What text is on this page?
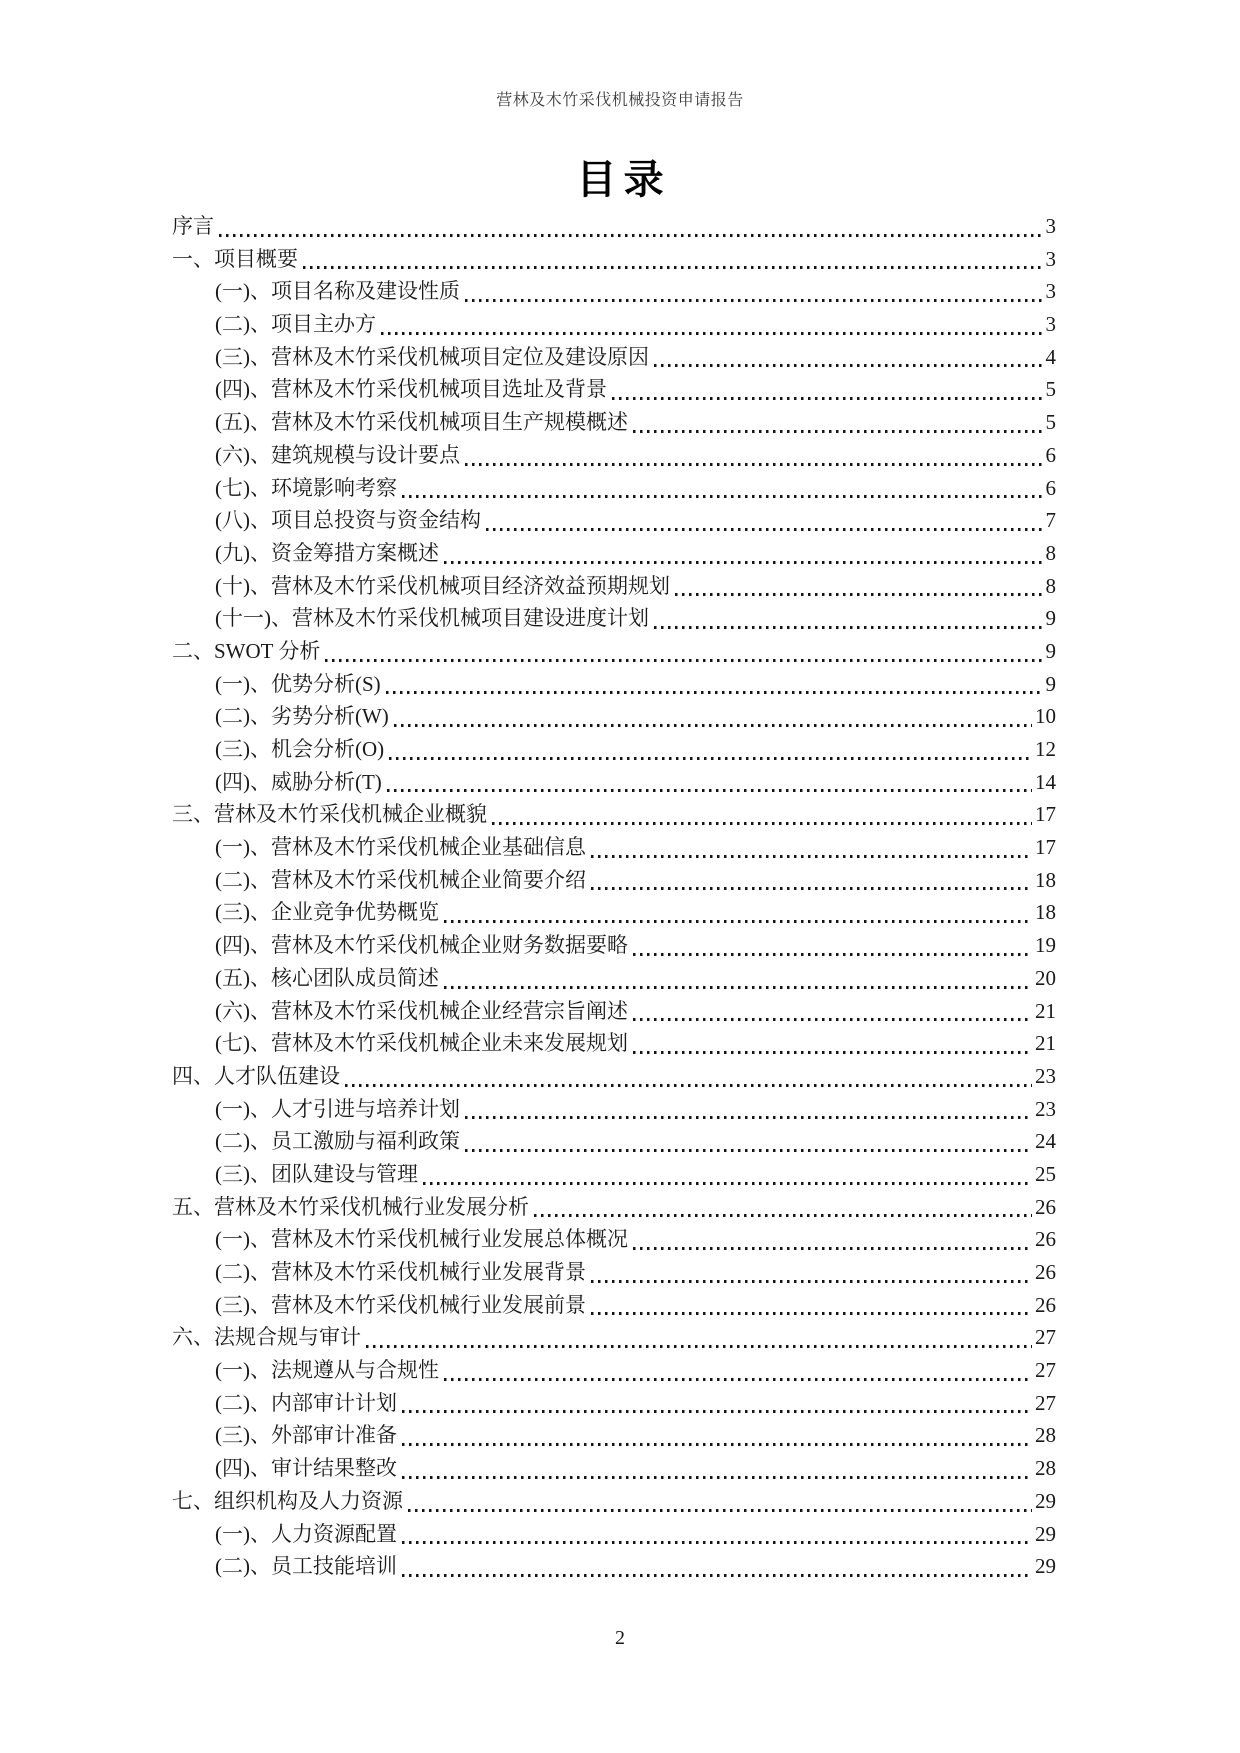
营林及木竹采伐机械投资申请报告
目录
序言	3
一、项目概要	3
(一)、项目名称及建设性质	3
(二)、项目主办方	3
(三)、营林及木竹采伐机械项目定位及建设原因	4
(四)、营林及木竹采伐机械项目选址及背景	5
(五)、营林及木竹采伐机械项目生产规模概述	5
(六)、建筑规模与设计要点	6
(七)、环境影响考察	6
(八)、项目总投资与资金结构	7
(九)、资金筹措方案概述	8
(十)、营林及木竹采伐机械项目经济效益预期规划	8
(十一)、营林及木竹采伐机械项目建设进度计划	9
二、SWOT 分析	9
(一)、优势分析(S)	9
(二)、劣势分析(W)	10
(三)、机会分析(O)	12
(四)、威胁分析(T)	14
三、营林及木竹采伐机械企业概貌	17
(一)、营林及木竹采伐机械企业基础信息	17
(二)、营林及木竹采伐机械企业简要介绍	18
(三)、企业竞争优势概览	18
(四)、营林及木竹采伐机械企业财务数据要略	19
(五)、核心团队成员简述	20
(六)、营林及木竹采伐机械企业经营宗旨阐述	21
(七)、营林及木竹采伐机械企业未来发展规划	21
四、人才队伍建设	23
(一)、人才引进与培养计划	23
(二)、员工激励与福利政策	24
(三)、团队建设与管理	25
五、营林及木竹采伐机械行业发展分析	26
(一)、营林及木竹采伐机械行业发展总体概况	26
(二)、营林及木竹采伐机械行业发展背景	26
(三)、营林及木竹采伐机械行业发展前景	26
六、法规合规与审计	27
(一)、法规遵从与合规性	27
(二)、内部审计计划	27
(三)、外部审计准备	28
(四)、审计结果整改	28
七、组织机构及人力资源	29
(一)、人力资源配置	29
(二)、员工技能培训	29
2
